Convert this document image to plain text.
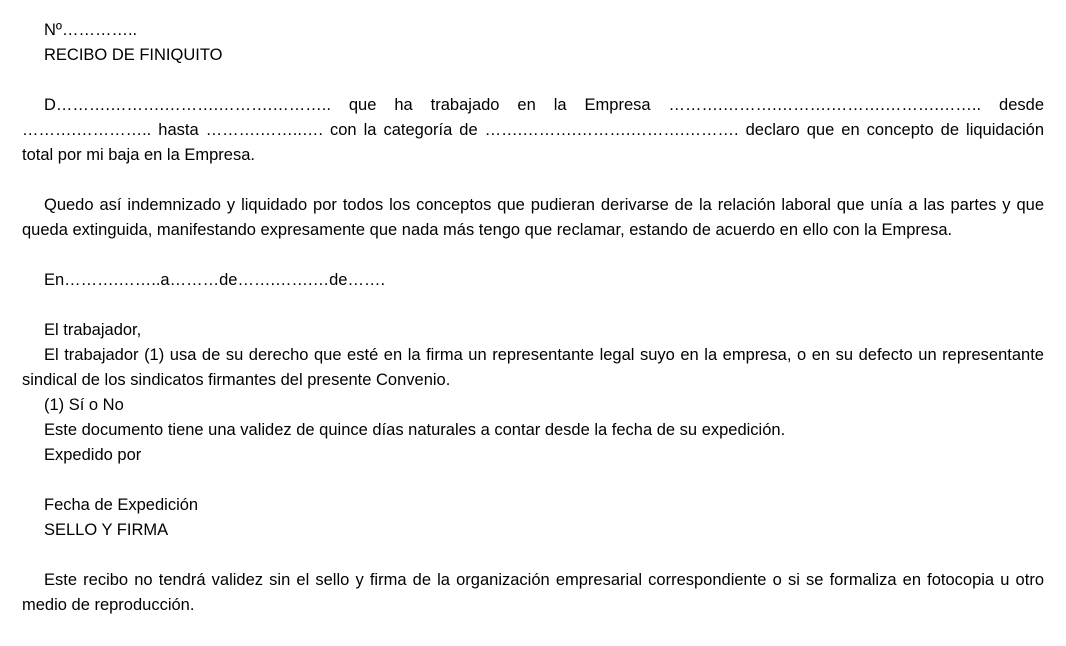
Nº…………..

RECIBO DE FINIQUITO

D……….……….……….……….……….. que ha trabajado en la Empresa ……….……….……….……….……….…….. desde ……….………….. hasta ……….……..…. con la categoría de …….……….……….……….………. declaro que en concepto de liquidación total por mi baja en la Empresa.

Quedo así indemnizado y liquidado por todos los conceptos que pudieran derivarse de la relación laboral que unía a las partes y que queda extinguida, manifestando expresamente que nada más tengo que reclamar, estando de acuerdo en ello con la Empresa.

En……….……..a………de…….…….…de…….

El trabajador,

El trabajador (1) usa de su derecho que esté en la firma un representante legal suyo en la empresa, o en su defecto un representante sindical de los sindicatos firmantes del presente Convenio.

(1) Sí o No

Este documento tiene una validez de quince días naturales a contar desde la fecha de su expedición.

Expedido por

Fecha de Expedición

SELLO Y FIRMA

Este recibo no tendrá validez sin el sello y firma de la organización empresarial correspondiente o si se formaliza en fotocopia u otro medio de reproducción.
